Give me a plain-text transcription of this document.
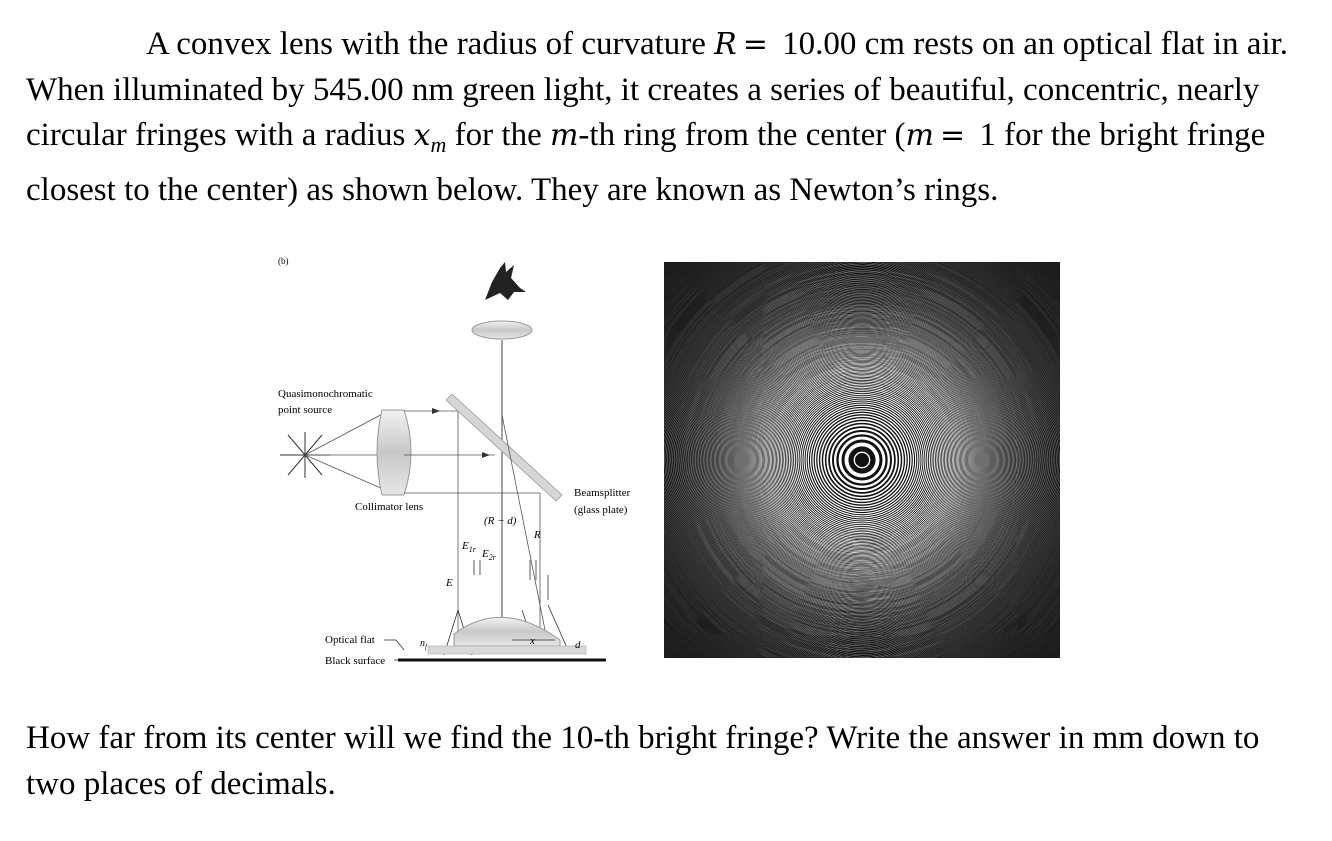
A convex lens with the radius of curvature R = 10.00 cm rests on an optical flat in air. When illuminated by 545.00 nm green light, it creates a series of beautiful, concentric, nearly circular fringes with a radius $x_m$ for the m-th ring from the center (m = 1 for the bright fringe closest to the center) as shown below. They are known as Newton’s rings.
(b)
Quasimonochromatic
point source
Collimator lens
Beamsplitter
(glass plate)
(R − d)
R
$E_{1r}$ $E_{2r}$
E
x	d
$n_f$
Optical flat
Black surface
How far from its center will we find the 10-th bright fringe? Write the answer in mm down to two places of decimals.
